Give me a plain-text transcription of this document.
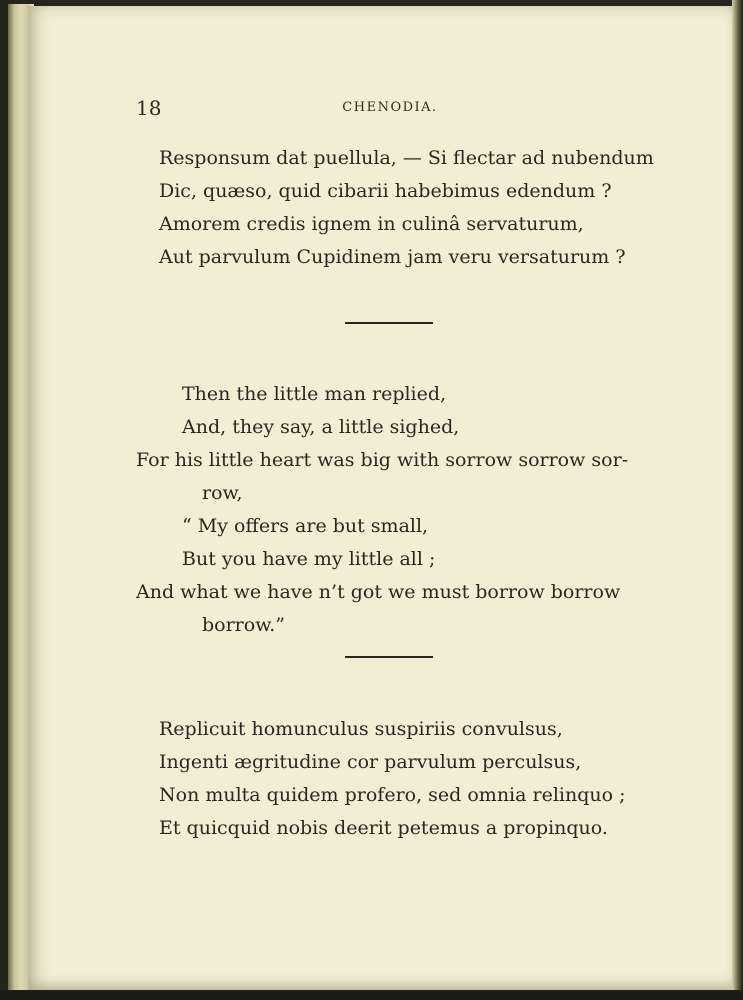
18	CHENODIA.
Responsum dat puellula, — Si flectar ad nubendum
Dic, quæso, quid cibarii habebimus edendum ?
Amorem credis ignem in culinâ servaturum,
Aut parvulum Cupidinem jam veru versaturum ?
Then the little man replied,
And, they say, a little sighed,
For his little heart was big with sorrow sorrow sor-
row,
“ My offers are but small,
But you have my little all ;
And what we have n’t got we must borrow borrow
borrow.”
Replicuit homunculus suspiriis convulsus,
Ingenti ægritudine cor parvulum perculsus,
Non multa quidem profero, sed omnia relinquo ;
Et quicquid nobis deerit petemus a propinquo.
